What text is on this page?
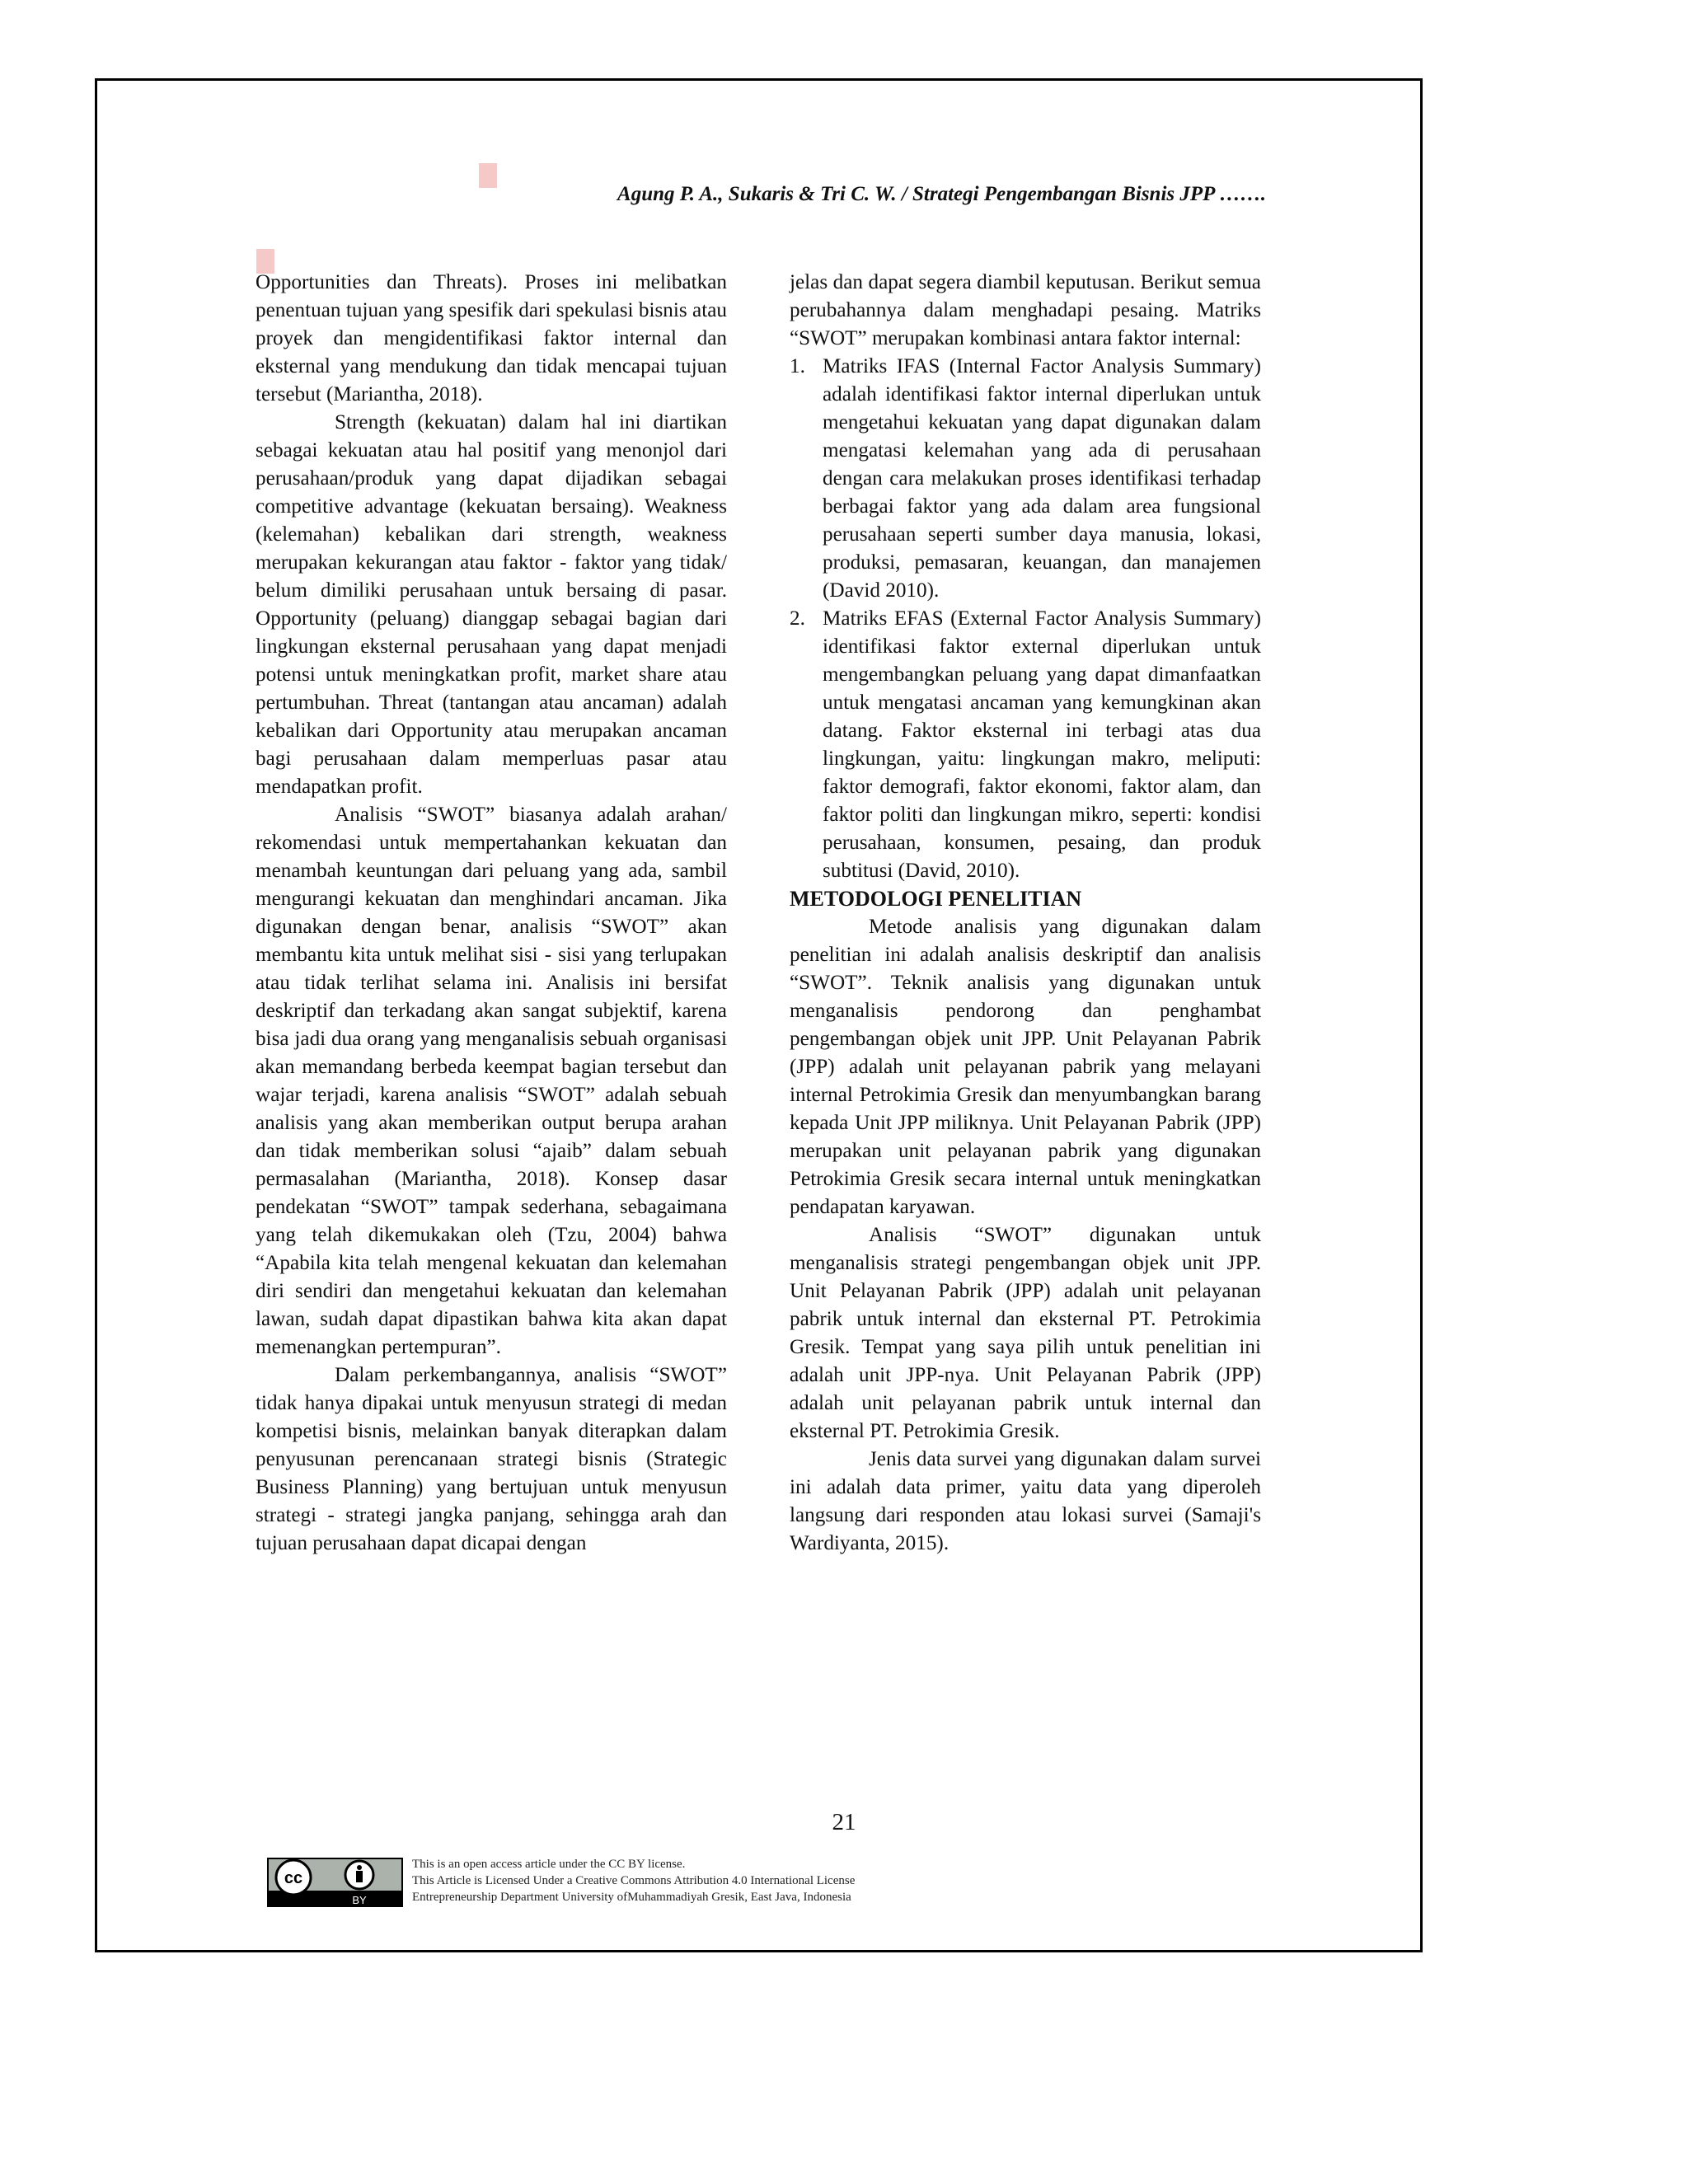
Agung P. A., Sukaris & Tri C. W. / Strategi Pengembangan Bisnis JPP …….

Opportunities dan Threats). Proses ini melibatkan penentuan tujuan yang spesifik dari spekulasi bisnis atau proyek dan mengidentifikasi faktor internal dan eksternal yang mendukung dan tidak mencapai tujuan tersebut (Mariantha, 2018).

Strength (kekuatan) dalam hal ini diartikan sebagai kekuatan atau hal positif yang menonjol dari perusahaan/produk yang dapat dijadikan sebagai competitive advantage (kekuatan bersaing). Weakness (kelemahan) kebalikan dari strength, weakness merupakan kekurangan atau faktor - faktor yang tidak/ belum dimiliki perusahaan untuk bersaing di pasar. Opportunity (peluang) dianggap sebagai bagian dari lingkungan eksternal perusahaan yang dapat menjadi potensi untuk meningkatkan profit, market share atau pertumbuhan. Threat (tantangan atau ancaman) adalah kebalikan dari Opportunity atau merupakan ancaman bagi perusahaan dalam memperluas pasar atau mendapatkan profit.

Analisis “SWOT” biasanya adalah arahan/ rekomendasi untuk mempertahankan kekuatan dan menambah keuntungan dari peluang yang ada, sambil mengurangi kekuatan dan menghindari ancaman. Jika digunakan dengan benar, analisis “SWOT” akan membantu kita untuk melihat sisi - sisi yang terlupakan atau tidak terlihat selama ini. Analisis ini bersifat deskriptif dan terkadang akan sangat subjektif, karena bisa jadi dua orang yang menganalisis sebuah organisasi akan memandang berbeda keempat bagian tersebut dan wajar terjadi, karena analisis “SWOT” adalah sebuah analisis yang akan memberikan output berupa arahan dan tidak memberikan solusi “ajaib” dalam sebuah permasalahan (Mariantha, 2018). Konsep dasar pendekatan “SWOT” tampak sederhana, sebagaimana yang telah dikemukakan oleh (Tzu, 2004) bahwa “Apabila kita telah mengenal kekuatan dan kelemahan diri sendiri dan mengetahui kekuatan dan kelemahan lawan, sudah dapat dipastikan bahwa kita akan dapat memenangkan pertempuran”.

Dalam perkembangannya, analisis “SWOT” tidak hanya dipakai untuk menyusun strategi di medan kompetisi bisnis, melainkan banyak diterapkan dalam penyusunan perencanaan strategi bisnis (Strategic Business Planning) yang bertujuan untuk menyusun strategi - strategi jangka panjang, sehingga arah dan tujuan perusahaan dapat dicapai dengan

jelas dan dapat segera diambil keputusan. Berikut semua perubahannya dalam menghadapi pesaing. Matriks “SWOT” merupakan kombinasi antara faktor internal:

1. Matriks IFAS (Internal Factor Analysis Summary) adalah identifikasi faktor internal diperlukan untuk mengetahui kekuatan yang dapat digunakan dalam mengatasi kelemahan yang ada di perusahaan dengan cara melakukan proses identifikasi terhadap berbagai faktor yang ada dalam area fungsional perusahaan seperti sumber daya manusia, lokasi, produksi, pemasaran, keuangan, dan manajemen (David 2010).
2. Matriks EFAS (External Factor Analysis Summary) identifikasi faktor external diperlukan untuk mengembangkan peluang yang dapat dimanfaatkan untuk mengatasi ancaman yang kemungkinan akan datang. Faktor eksternal ini terbagi atas dua lingkungan, yaitu: lingkungan makro, meliputi: faktor demografi, faktor ekonomi, faktor alam, dan faktor politi dan lingkungan mikro, seperti: kondisi perusahaan, konsumen, pesaing, dan produk subtitusi (David, 2010).

METODOLOGI PENELITIAN

Metode analisis yang digunakan dalam penelitian ini adalah analisis deskriptif dan analisis “SWOT”. Teknik analisis yang digunakan untuk menganalisis pendorong dan penghambat pengembangan objek unit JPP. Unit Pelayanan Pabrik (JPP) adalah unit pelayanan pabrik yang melayani internal Petrokimia Gresik dan menyumbangkan barang kepada Unit JPP miliknya. Unit Pelayanan Pabrik (JPP) merupakan unit pelayanan pabrik yang digunakan Petrokimia Gresik secara internal untuk meningkatkan pendapatan karyawan.

Analisis “SWOT” digunakan untuk menganalisis strategi pengembangan objek unit JPP. Unit Pelayanan Pabrik (JPP) adalah unit pelayanan pabrik untuk internal dan eksternal PT. Petrokimia Gresik. Tempat yang saya pilih untuk penelitian ini adalah unit JPP-nya. Unit Pelayanan Pabrik (JPP) adalah unit pelayanan pabrik untuk internal dan eksternal PT. Petrokimia Gresik.

Jenis data survei yang digunakan dalam survei ini adalah data primer, yaitu data yang diperoleh langsung dari responden atau lokasi survei (Samaji's Wardiyanta, 2015).

21
cc
BY
This is an open access article under the CC BY license.
This Article is Licensed Under a Creative Commons Attribution 4.0 International License
Entrepreneurship Department University ofMuhammadiyah Gresik, East Java, Indonesia
